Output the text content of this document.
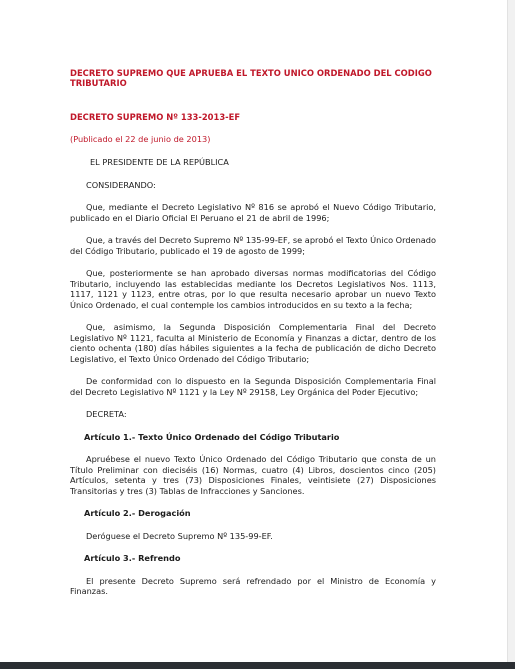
DECRETO SUPREMO QUE APRUEBA EL TEXTO UNICO ORDENADO DEL CODIGO TRIBUTARIO
DECRETO SUPREMO Nº 133-2013-EF
(Publicado el 22 de junio de 2013)

EL PRESIDENTE DE LA REPÚBLICA

CONSIDERANDO:

Que, mediante el Decreto Legislativo Nº 816 se aprobó el Nuevo Código Tributario, publicado en el Diario Oficial El Peruano el 21 de abril de 1996;

Que, a través del Decreto Supremo Nº 135-99-EF, se aprobó el Texto Único Ordenado del Código Tributario, publicado el 19 de agosto de 1999;

Que, posteriormente se han aprobado diversas normas modificatorias del Código Tributario, incluyendo las establecidas mediante los Decretos Legislativos Nos. 1113, 1117, 1121 y 1123, entre otras, por lo que resulta necesario aprobar un nuevo Texto Único Ordenado, el cual contemple los cambios introducidos en su texto a la fecha;

Que, asimismo, la Segunda Disposición Complementaria Final del Decreto Legislativo Nº 1121, faculta al Ministerio de Economía y Finanzas a dictar, dentro de los ciento ochenta (180) días hábiles siguientes a la fecha de publicación de dicho Decreto Legislativo, el Texto Único Ordenado del Código Tributario;

De conformidad con lo dispuesto en la Segunda Disposición Complementaria Final del Decreto Legislativo Nº 1121 y la Ley Nº 29158, Ley Orgánica del Poder Ejecutivo;

DECRETA:

Artículo 1.- Texto Único Ordenado del Código Tributario

Apruébese el nuevo Texto Único Ordenado del Código Tributario que consta de un Título Preliminar con dieciséis (16) Normas, cuatro (4) Libros, doscientos cinco (205) Artículos, setenta y tres (73) Disposiciones Finales, veintisiete (27) Disposiciones Transitorias y tres (3) Tablas de Infracciones y Sanciones.

Artículo 2.- Derogación

Deróguese el Decreto Supremo Nº 135-99-EF.

Artículo 3.- Refrendo

El presente Decreto Supremo será refrendado por el Ministro de Economía y Finanzas.
